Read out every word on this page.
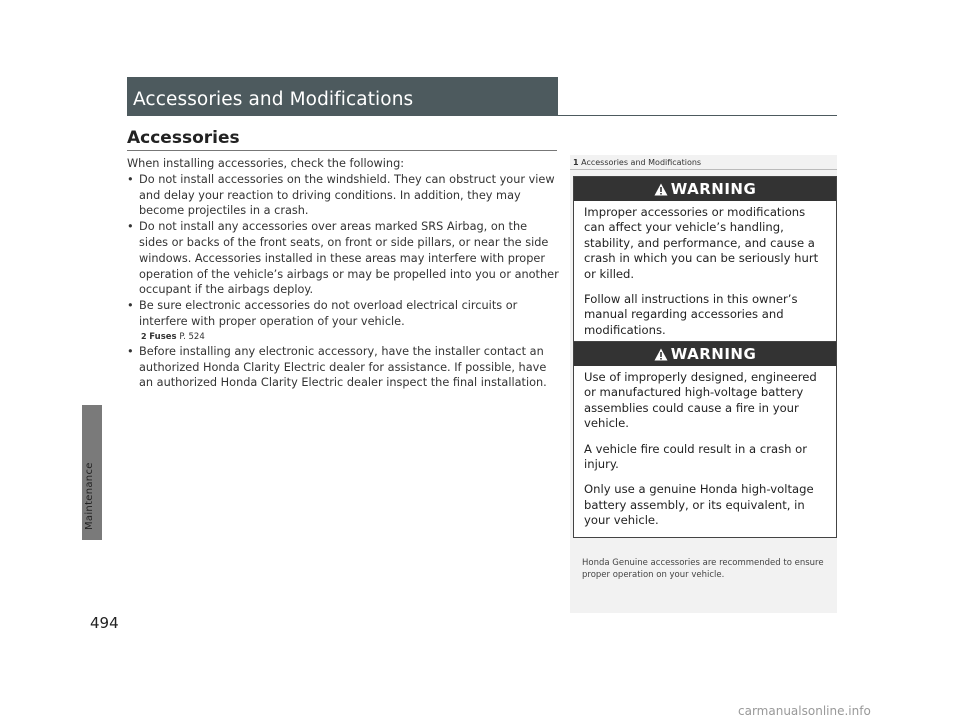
Maintenance
494
Accessories and Modifications
Accessories

When installing accessories, check the following:

• Do not install accessories on the windshield. They can obstruct your view and delay your reaction to driving conditions. In addition, they may become projectiles in a crash.

• Do not install any accessories over areas marked SRS Airbag, on the sides or backs of the front seats, on front or side pillars, or near the side windows. Accessories installed in these areas may interfere with proper operation of the vehicle’s airbags or may be propelled into you or another occupant if the airbags deploy.

• Be sure electronic accessories do not overload electrical circuits or interfere with proper operation of your vehicle.

2 Fuses P. 524

• Before installing any electronic accessory, have the installer contact an authorized Honda Clarity Electric dealer for assistance. If possible, have an authorized Honda Clarity Electric dealer inspect the final installation.

1 Accessories and Modifications
WARNING

Improper accessories or modifications can affect your vehicle’s handling, stability, and performance, and cause a crash in which you can be seriously hurt or killed.

Follow all instructions in this owner’s manual regarding accessories and modifications.

WARNING

Use of improperly designed, engineered or manufactured high-voltage battery assemblies could cause a fire in your vehicle.

A vehicle fire could result in a crash or injury.

Only use a genuine Honda high-voltage battery assembly, or its equivalent, in your vehicle.

Honda Genuine accessories are recommended to ensure proper operation on your vehicle.
carmanualsonline.info
